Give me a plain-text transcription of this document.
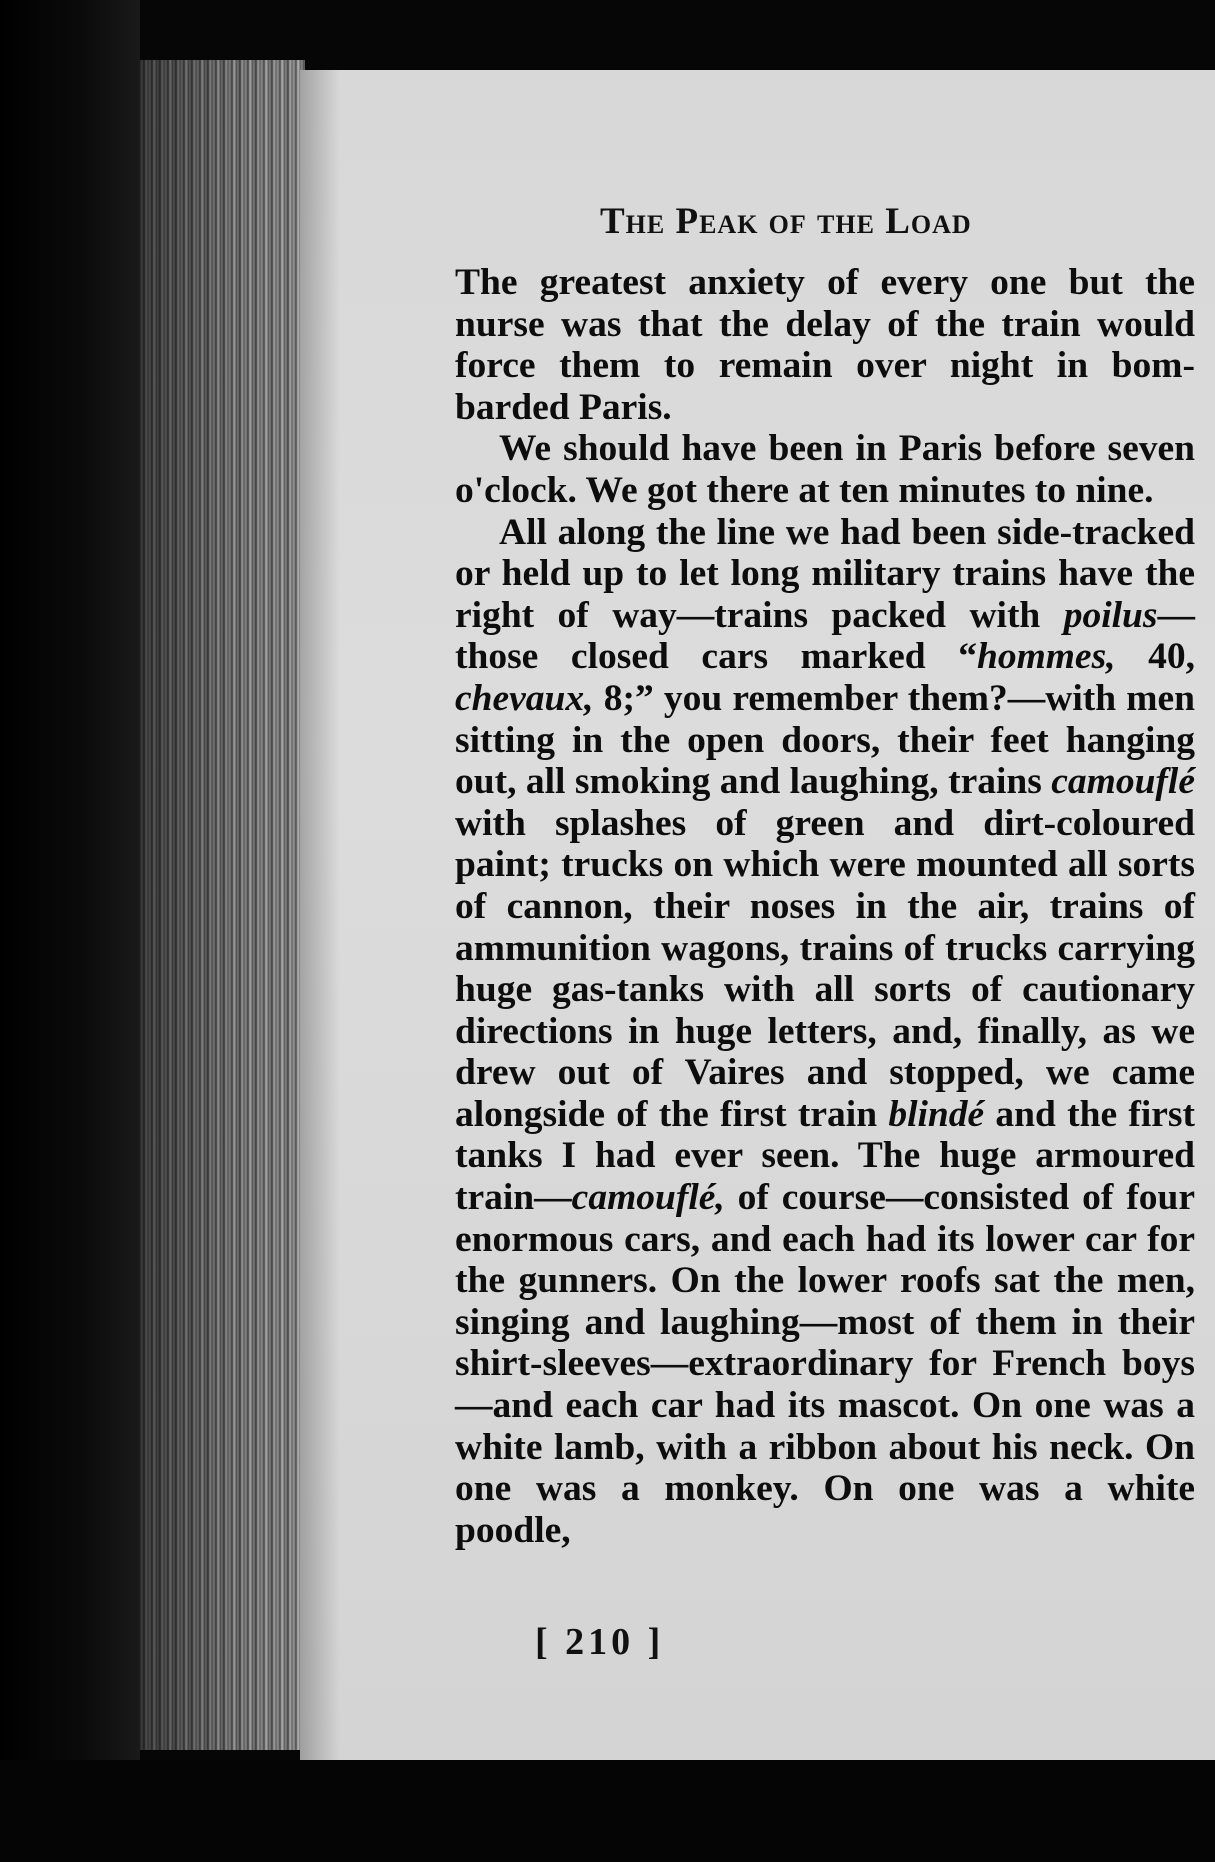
The Peak of the Load

The greatest anxiety of every one but the nurse was that the delay of the train would force them to remain over night in bombarded Paris.

We should have been in Paris before seven o'clock. We got there at ten minutes to nine.

All along the line we had been side-tracked or held up to let long military trains have the right of way—trains packed with poilus—those closed cars marked “hommes, 40, chevaux, 8;” you remember them?—with men sitting in the open doors, their feet hanging out, all smoking and laughing, trains camouflé with splashes of green and dirt-coloured paint; trucks on which were mounted all sorts of cannon, their noses in the air, trains of ammunition wagons, trains of trucks carrying huge gas-tanks with all sorts of cautionary directions in huge letters, and, finally, as we drew out of Vaires and stopped, we came alongside of the first train blindé and the first tanks I had ever seen. The huge armoured train—camouflé, of course—consisted of four enormous cars, and each had its lower car for the gunners. On the lower roofs sat the men, singing and laughing—most of them in their shirt-sleeves—extraordinary for French boys—and each car had its mascot. On one was a white lamb, with a ribbon about his neck. On one was a monkey. On one was a white poodle,

[ 210 ]
